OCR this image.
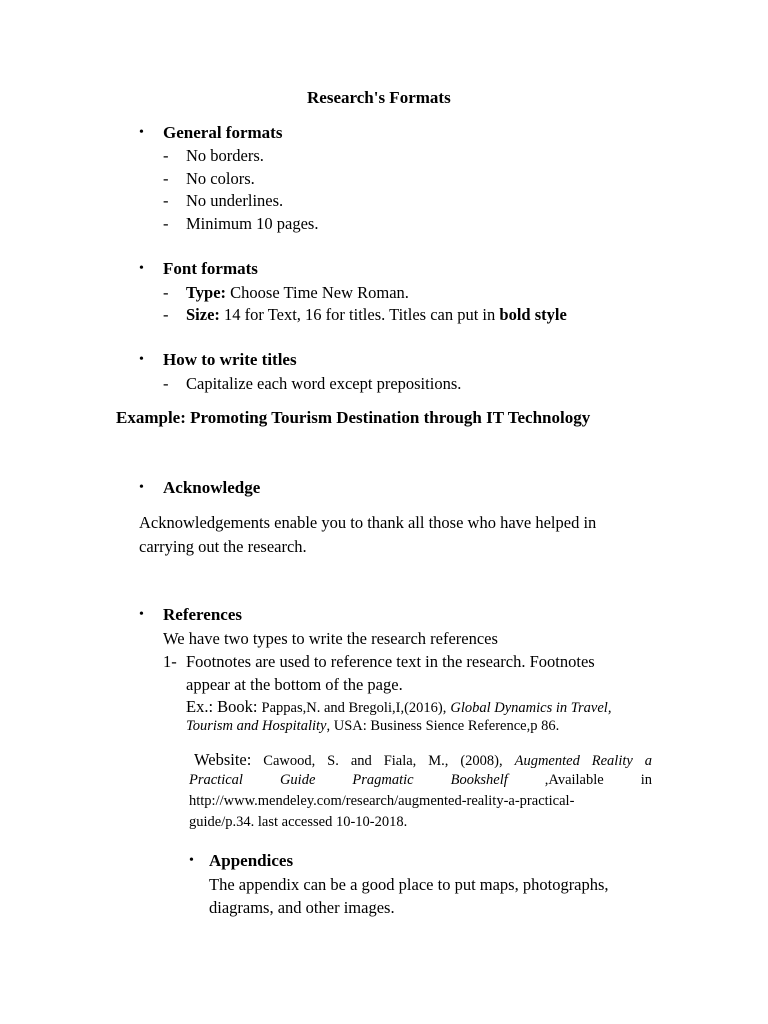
Research's Formats
• General formats
- No borders.
- No colors.
- No underlines.
- Minimum 10 pages.
• Font formats
- Type: Choose Time New Roman.
- Size: 14 for Text, 16 for titles. Titles can put in bold style
• How to write titles
- Capitalize each word except prepositions.
Example: Promoting Tourism Destination through IT Technology
• Acknowledge
Acknowledgements enable you to thank all those who have helped in
carrying out the research.
• References
We have two types to write the research references
1- Footnotes are used to reference text in the research. Footnotes
appear at the bottom of the page.
Ex.: Book: Pappas,N. and Bregoli,I,(2016), Global Dynamics in Travel,
Tourism and Hospitality, USA: Business Sience Reference,p 86.
Website: Cawood, S. and Fiala, M., (2008), Augmented Reality a
Practical Guide Pragmatic Bookshelf	,Available in
http://www.mendeley.com/research/augmented-reality-a-practical-
guide/p.34. last accessed 10-10-2018.
• Appendices
The appendix can be a good place to put maps, photographs,
diagrams, and other images.
